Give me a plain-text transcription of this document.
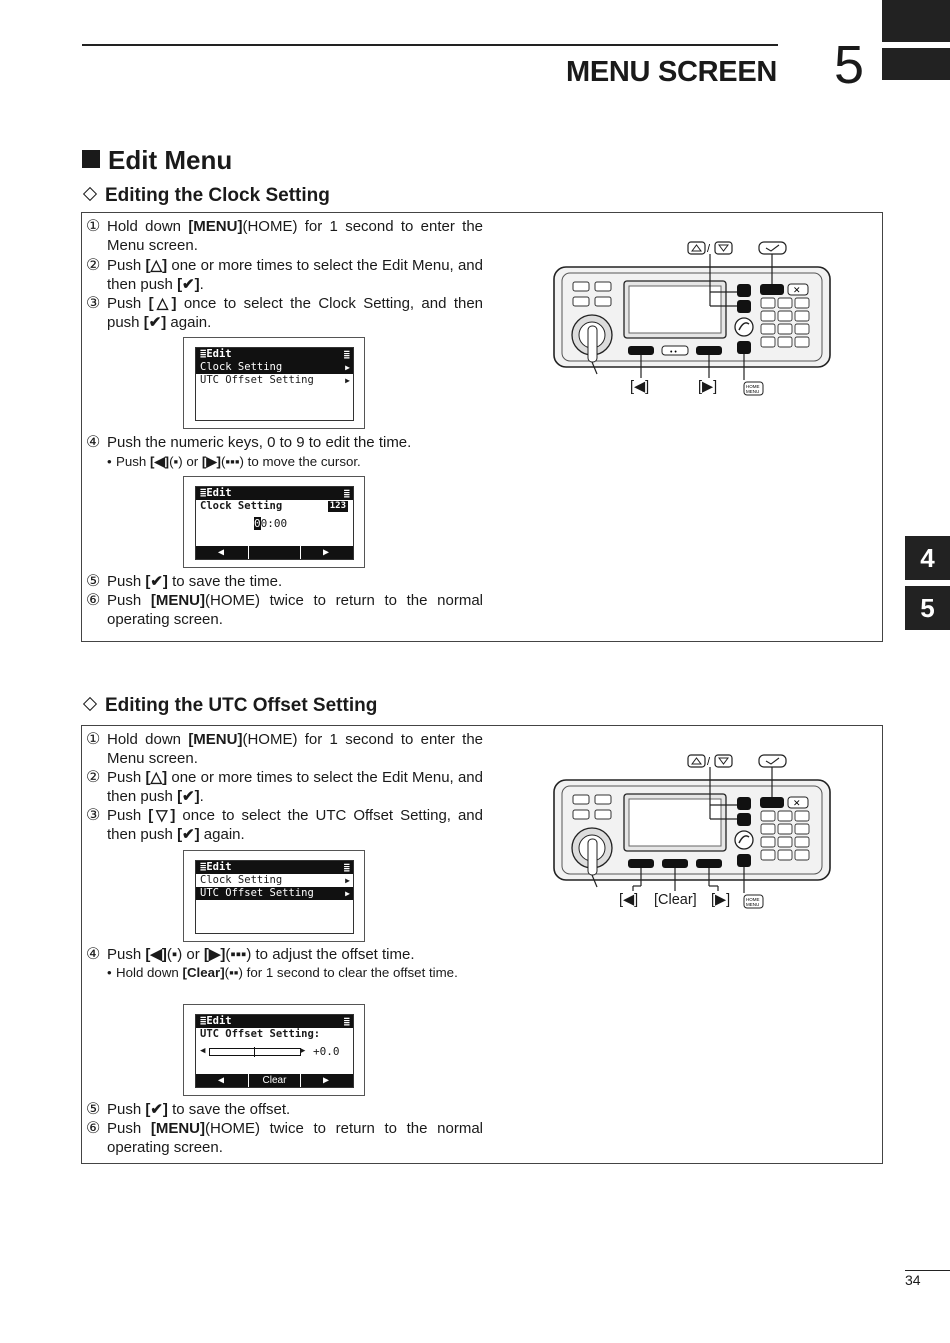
MENU SCREEN 5
4
5
Edit Menu
Editing the Clock Setting
① Hold down [MENU](HOME) for 1 second to enter the Menu screen.
② Push [△] one or more times to select the Edit Menu, and then push [✔].
③ Push [△] once to select the Clock Setting, and then push [✔] again.
≣Edit	≣
Clock Setting	▶
UTC Offset Setting	▶
④ Push the numeric keys, 0 to 9 to edit the time.
• Push [◀](▪) or [▶](▪▪▪) to move the cursor.
≣Edit	≣
Clock Setting	123
00:00
◀	▶
⑤ Push [✔] to save the time.
⑥ Push [MENU](HOME) twice to return to the normal operating screen.
/
• •
✕
HOME
MENU
[◀]	[▶]
Editing the UTC Offset Setting
① Hold down [MENU](HOME) for 1 second to enter the Menu screen.
② Push [△] one or more times to select the Edit Menu, and then push [✔].
③ Push [▽] once to select the UTC Offset Setting, and then push [✔] again.
≣Edit	≣
Clock Setting	▶
UTC Offset Setting	▶
④ Push [◀](▪) or [▶](▪▪▪) to adjust the offset time.
• Hold down [Clear](▪▪) for 1 second to clear the offset time.
≣Edit	≣
UTC Offset Setting:
◀	▶ +0.0
◀	Clear	▶
⑤ Push [✔] to save the offset.
⑥ Push [MENU](HOME) twice to return to the normal operating screen.
/
✕
HOME
MENU
[◀] [Clear] [▶]
34
